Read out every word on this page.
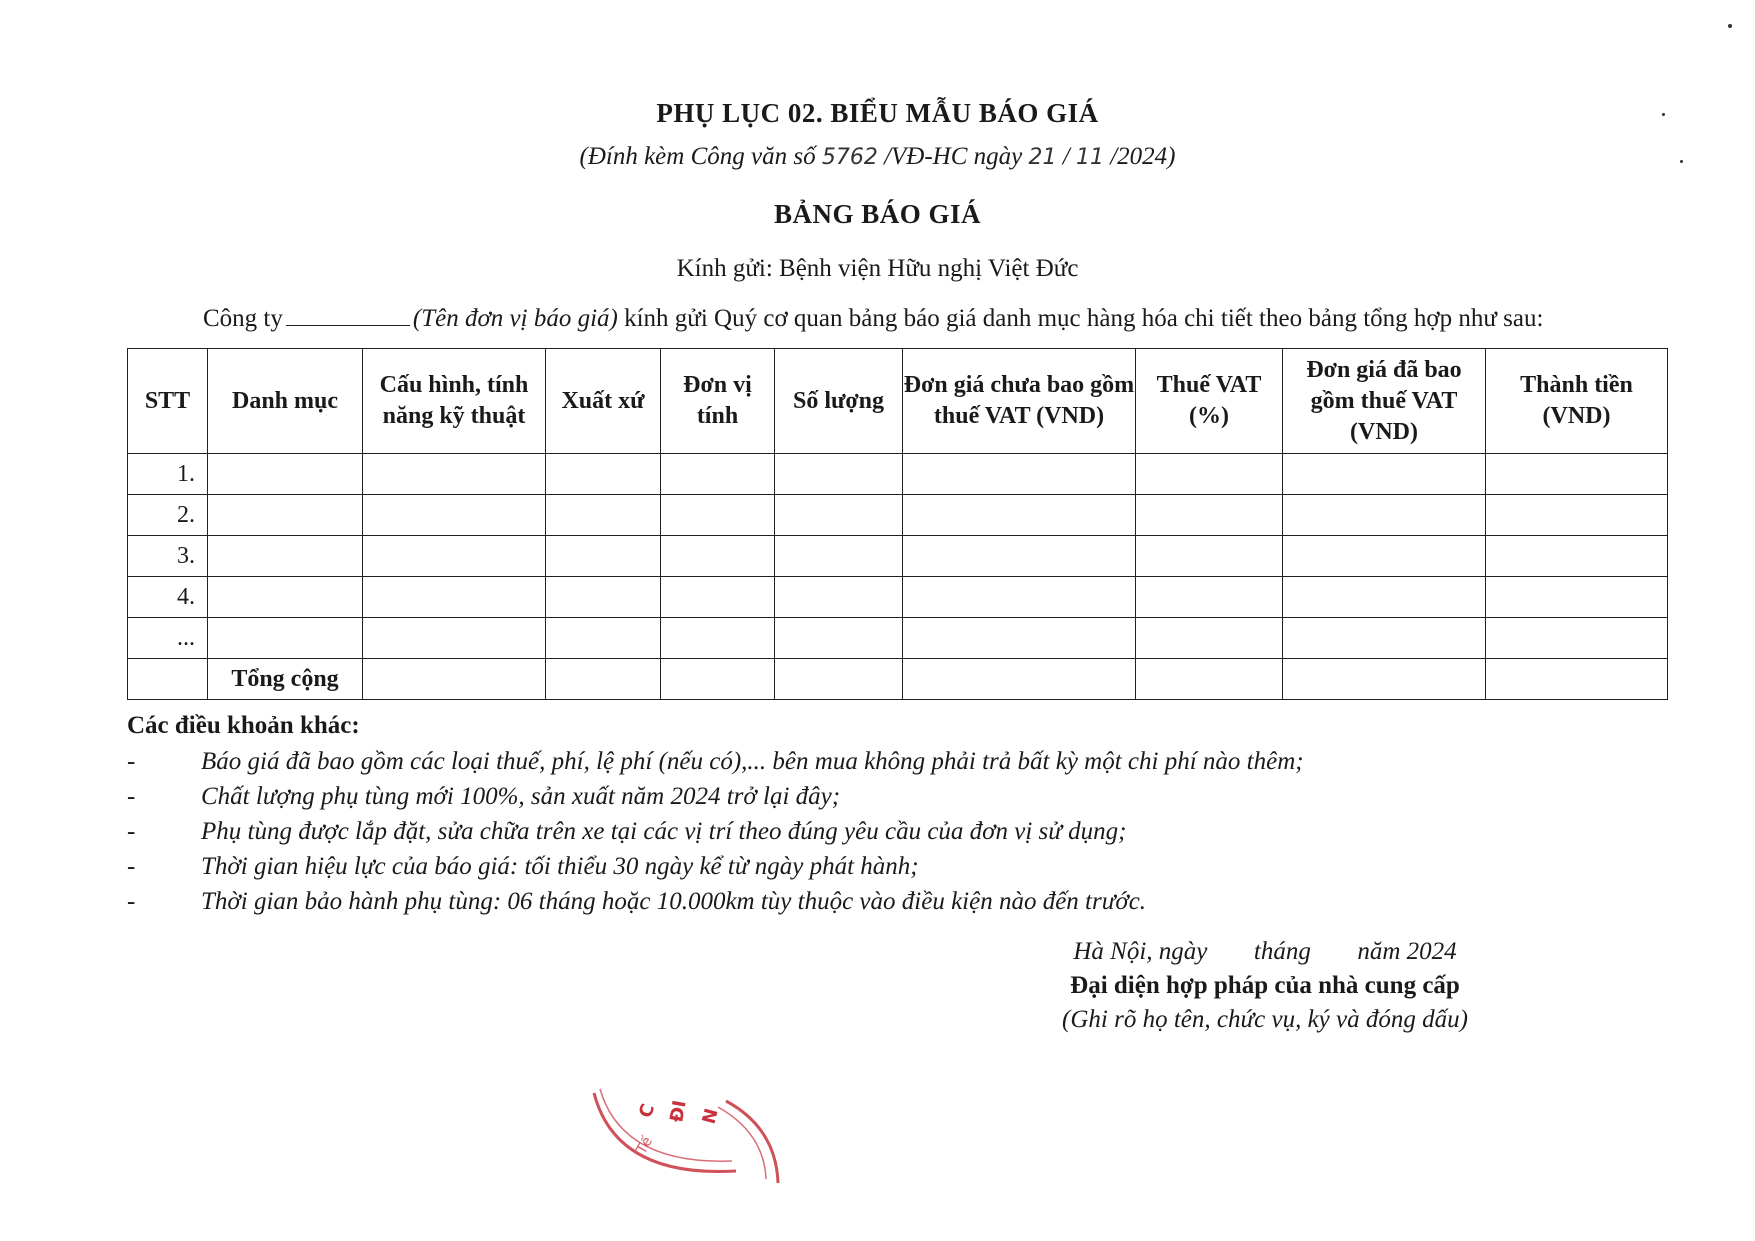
PHỤ LỤC 02. BIỂU MẪU BÁO GIÁ
(Đính kèm Công văn số 5762 /VĐ-HC ngày 21 / 11 /2024)
BẢNG BÁO GIÁ
Kính gửi: Bệnh viện Hữu nghị Việt Đức
Công ty	(Tên đơn vị báo giá) kính gửi Quý cơ quan bảng báo giá danh mục hàng hóa chi tiết theo bảng tổng hợp như sau:
STT	Danh mục	Cấu hình, tính năng kỹ thuật	Xuất xứ	Đơn vị tính	Số lượng	Đơn giá chưa bao gồm thuế VAT (VND)	Thuế VAT (%)	Đơn giá đã bao gồm thuế VAT (VND)	Thành tiền (VND)
1.									
2.									
3.									
4.									
...									
	Tổng cộng								
Các điều khoản khác:
-	Báo giá đã bao gồm các loại thuế, phí, lệ phí (nếu có),... bên mua không phải trả bất kỳ một chi phí nào thêm;
-	Chất lượng phụ tùng mới 100%, sản xuất năm 2024 trở lại đây;
-	Phụ tùng được lắp đặt, sửa chữa trên xe tại các vị trí theo đúng yêu cầu của đơn vị sử dụng;
-	Thời gian hiệu lực của báo giá: tối thiểu 30 ngày kể từ ngày phát hành;
-	Thời gian bảo hành phụ tùng: 06 tháng hoặc 10.000km tùy thuộc vào điều kiện nào đến trước.
Hà Nội, ngày tháng năm 2024
Đại diện hợp pháp của nhà cung cấp
(Ghi rõ họ tên, chức vụ, ký và đóng dấu)
C ĐI N
Tế
